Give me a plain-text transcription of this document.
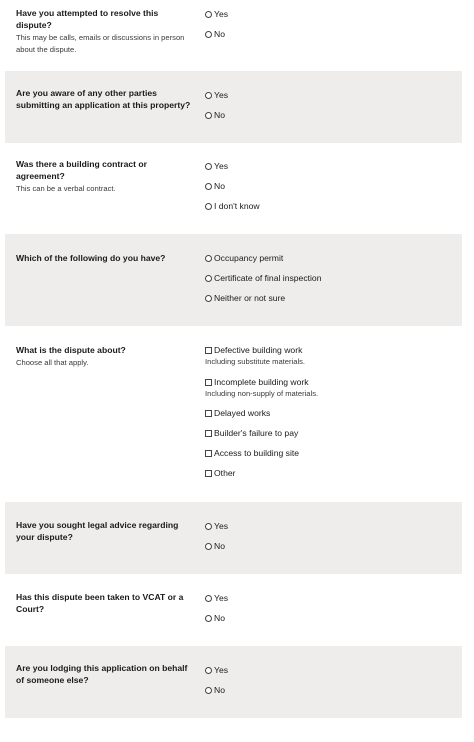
Have you attempted to resolve this dispute?
This may be calls, emails or discussions in person about the dispute.
Yes
No
Are you aware of any other parties submitting an application at this property?
Yes
No
Was there a building contract or agreement?
This can be a verbal contract.
Yes
No
I don't know
Which of the following do you have?	Occupancy permit
Certificate of final inspection
Neither or not sure
What is the dispute about?
Choose all that apply.
Defective building work
Including substitute materials.
Incomplete building work
Including non-supply of materials.
Delayed works
Builder's failure to pay
Access to building site
Other
Have you sought legal advice regarding your dispute?
Yes
No
Has this dispute been taken to VCAT or a Court?
Yes
No
Are you lodging this application on behalf of someone else?
Yes
No
